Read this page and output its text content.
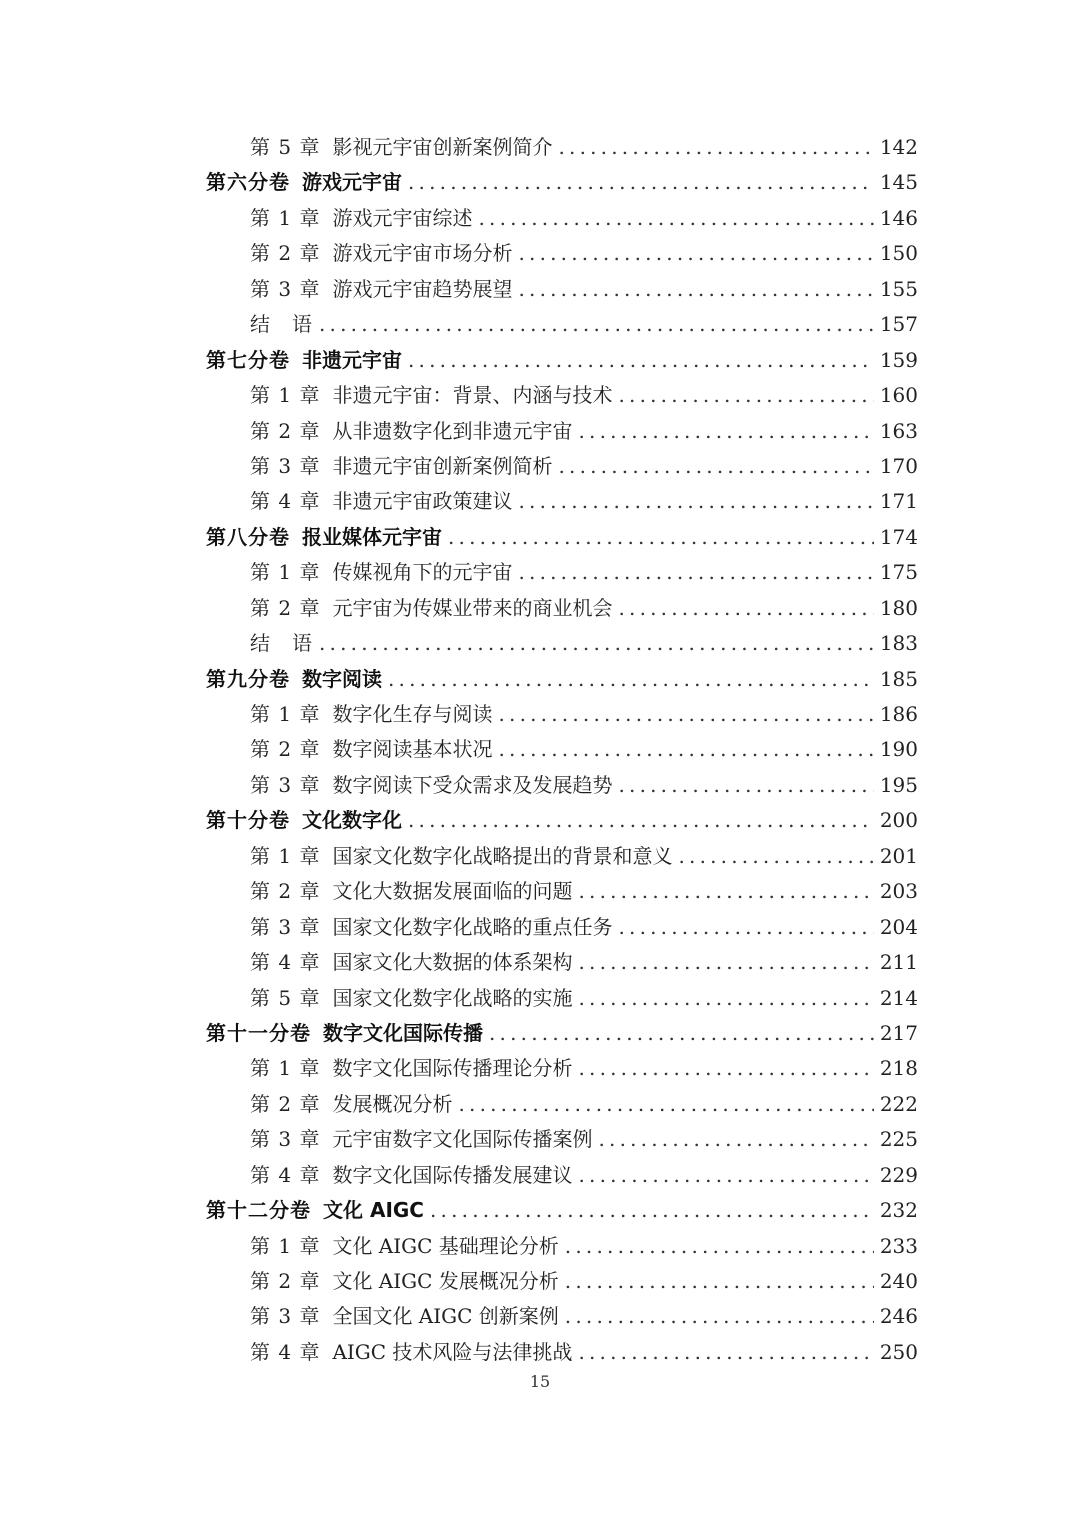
第 5 章 影视元宇宙创新案例简介 .....	142
第六分卷 游戏元宇宙 .....	145
第 1 章 游戏元宇宙综述 .....	146
第 2 章 游戏元宇宙市场分析 .....	150
第 3 章 游戏元宇宙趋势展望 .....	155
结　语 .....	157
第七分卷 非遗元宇宙 .....	159
第 1 章 非遗元宇宙：背景、内涵与技术 .....	160
第 2 章 从非遗数字化到非遗元宇宙 .....	163
第 3 章 非遗元宇宙创新案例简析 .....	170
第 4 章 非遗元宇宙政策建议 .....	171
第八分卷 报业媒体元宇宙 .....	174
第 1 章 传媒视角下的元宇宙 .....	175
第 2 章 元宇宙为传媒业带来的商业机会 .....	180
结　语 .....	183
第九分卷 数字阅读 .....	185
第 1 章 数字化生存与阅读 .....	186
第 2 章 数字阅读基本状况 .....	190
第 3 章 数字阅读下受众需求及发展趋势 .....	195
第十分卷 文化数字化 .....	200
第 1 章 国家文化数字化战略提出的背景和意义 .....	201
第 2 章 文化大数据发展面临的问题 .....	203
第 3 章 国家文化数字化战略的重点任务 .....	204
第 4 章 国家文化大数据的体系架构 .....	211
第 5 章 国家文化数字化战略的实施 .....	214
第十一分卷 数字文化国际传播 .....	217
第 1 章 数字文化国际传播理论分析 .....	218
第 2 章 发展概况分析 .....	222
第 3 章 元宇宙数字文化国际传播案例 .....	225
第 4 章 数字文化国际传播发展建议 .....	229
第十二分卷 文化 AIGC .....	232
第 1 章 文化 AIGC 基础理论分析 .....	233
第 2 章 文化 AIGC 发展概况分析 .....	240
第 3 章 全国文化 AIGC 创新案例 .....	246
第 4 章 AIGC 技术风险与法律挑战 .....	250
15
